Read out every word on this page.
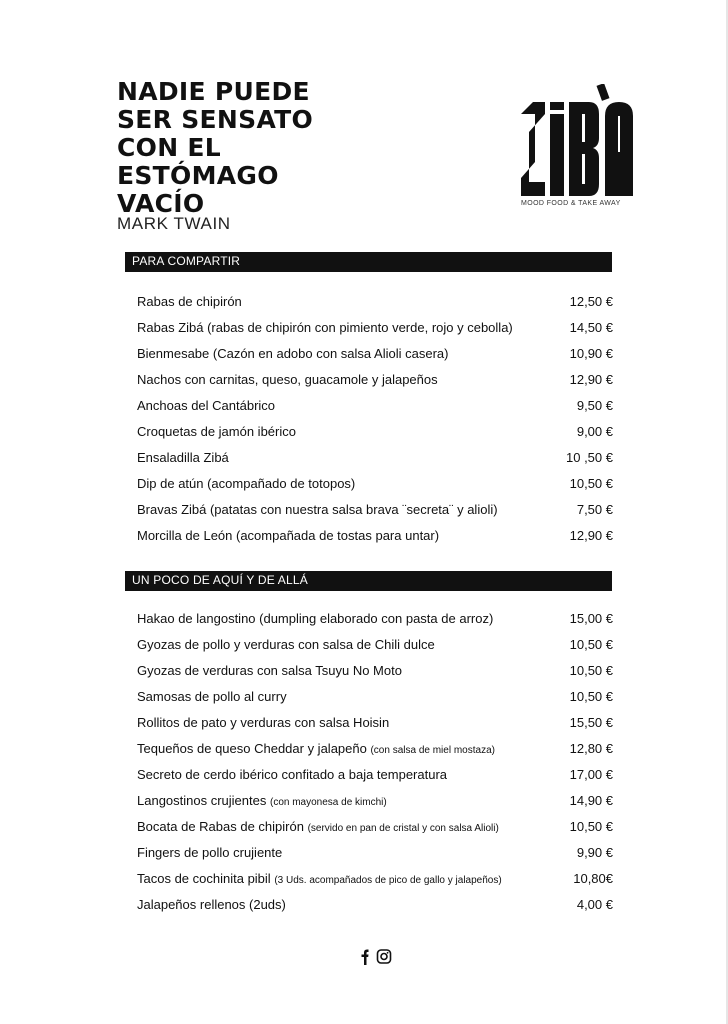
NADIE PUEDE
SER SENSATO
CON EL
ESTÓMAGO
VACÍO
MARK TWAIN
MOOD FOOD & TAKE AWAY
PARA COMPARTIR
Rabas de chipirón	12,50 €
Rabas Zibá (rabas de chipirón con pimiento verde, rojo y cebolla)	14,50 €
Bienmesabe (Cazón en adobo con salsa Alioli casera)	10,90 €
Nachos con carnitas, queso, guacamole y jalapeños	12,90 €
Anchoas del Cantábrico	9,50 €
Croquetas de jamón ibérico	9,00 €
Ensaladilla Zibá	10 ,50 €
Dip de atún (acompañado de totopos)	10,50 €
Bravas Zibá (patatas con nuestra salsa brava ¨secreta¨ y alioli)	7,50 €
Morcilla de León (acompañada de tostas para untar)	12,90 €
UN POCO DE AQUÍ Y DE ALLÁ
Hakao de langostino (dumpling elaborado con pasta de arroz)	15,00 €
Gyozas de pollo y verduras con salsa de Chili dulce	10,50 €
Gyozas de verduras con salsa Tsuyu No Moto	10,50 €
Samosas de pollo al curry	10,50 €
Rollitos de pato y verduras con salsa Hoisin	15,50 €
Tequeños de queso Cheddar y jalapeño (con salsa de miel mostaza)	12,80 €
Secreto de cerdo ibérico confitado a baja temperatura	17,00 €
Langostinos crujientes (con mayonesa de kimchi)	14,90 €
Bocata de Rabas de chipirón (servido en pan de cristal y con salsa Alioli)	10,50 €
Fingers de pollo crujiente	9,90 €
Tacos de cochinita pibil (3 Uds. acompañados de pico de gallo y jalapeños)	10,80€
Jalapeños rellenos (2uds)	4,00 €
